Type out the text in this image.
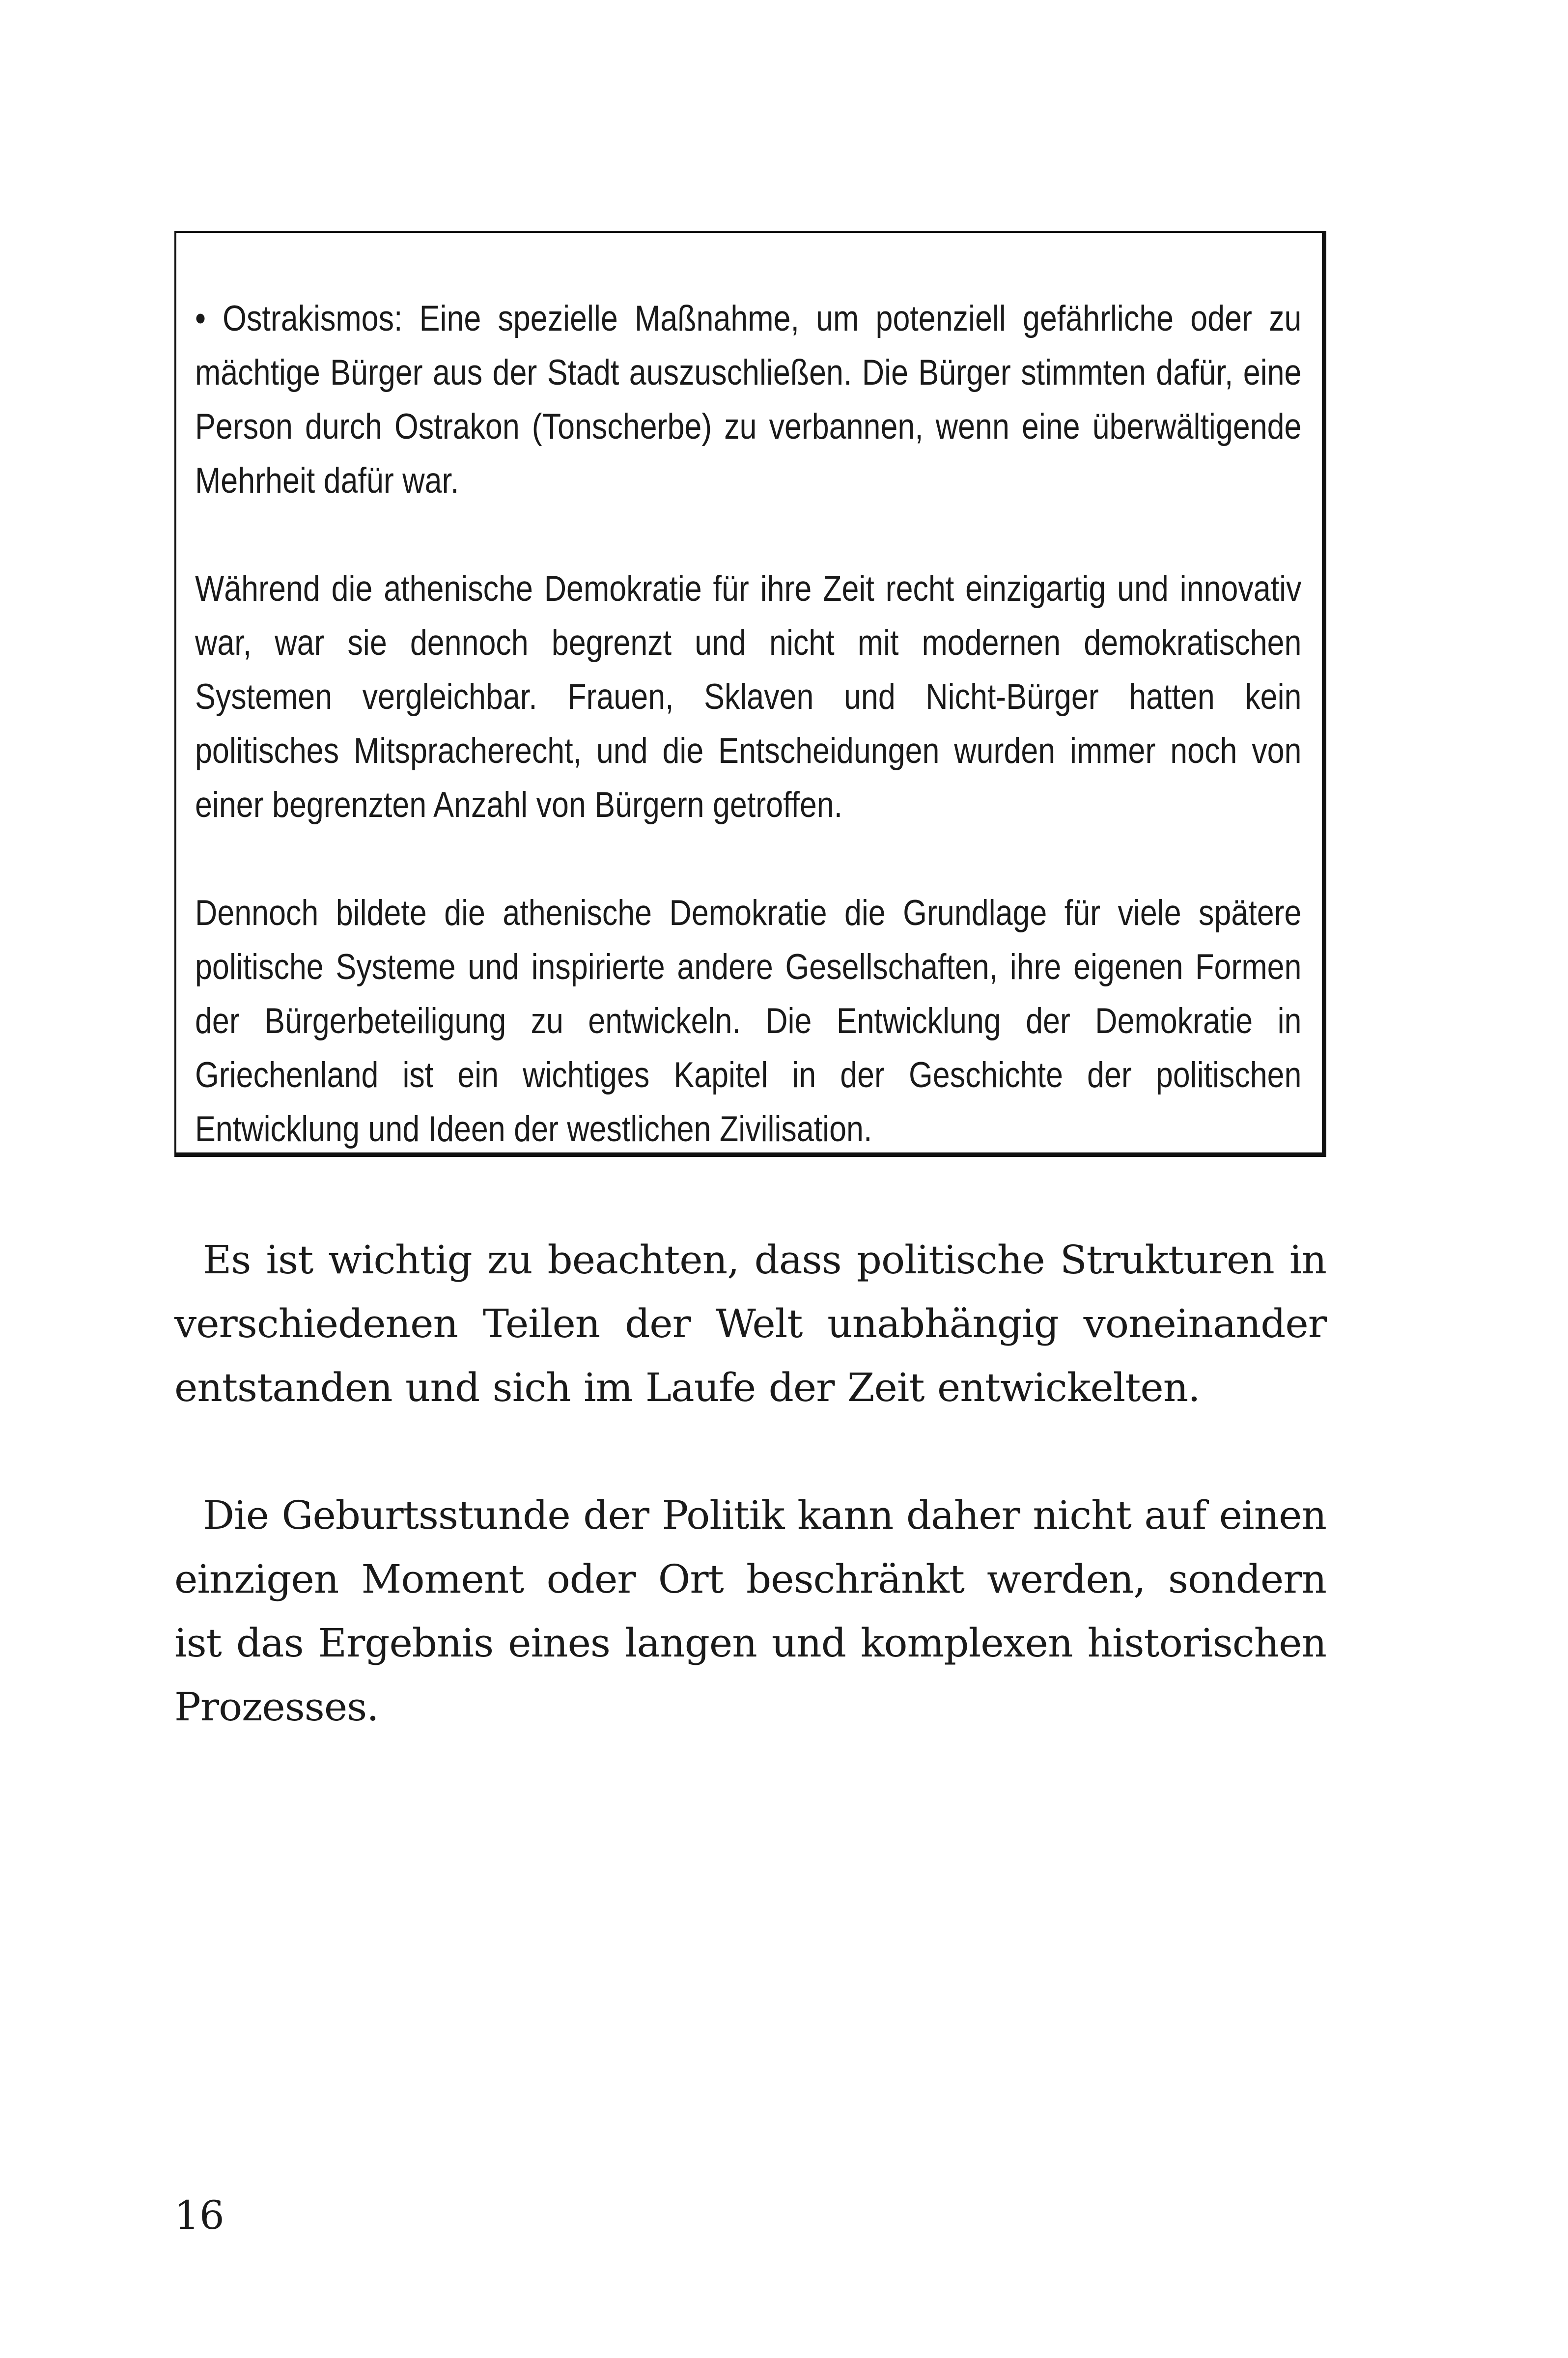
• Ostrakismos: Eine spezielle Maßnahme, um potenziell gefährliche oder zu mächtige Bürger aus der Stadt auszuschließen. Die Bürger stimmten dafür, eine Person durch Ostrakon (Tonscherbe) zu verbannen, wenn eine überwältigende Mehrheit dafür war.

Während die athenische Demokratie für ihre Zeit recht einzigartig und innovativ war, war sie dennoch begrenzt und nicht mit modernen demokratischen Systemen vergleichbar. Frauen, Sklaven und Nicht-Bürger hatten kein politisches Mitspracherecht, und die Entscheidungen wurden immer noch von einer begrenzten Anzahl von Bürgern getroffen.

Dennoch bildete die athenische Demokratie die Grundlage für viele spätere politische Systeme und inspirierte andere Gesellschaften, ihre eigenen Formen der Bürgerbeteiligung zu entwickeln. Die Entwicklung der Demokratie in Griechenland ist ein wichtiges Kapitel in der Geschichte der politischen Entwicklung und Ideen der westlichen Zivilisation.

Es ist wichtig zu beachten, dass politische Strukturen in verschiedenen Teilen der Welt unabhängig voneinander entstanden und sich im Laufe der Zeit entwickelten.

Die Geburtsstunde der Politik kann daher nicht auf einen einzigen Moment oder Ort beschränkt werden, sondern ist das Ergebnis eines langen und komplexen historischen Prozesses.

16
